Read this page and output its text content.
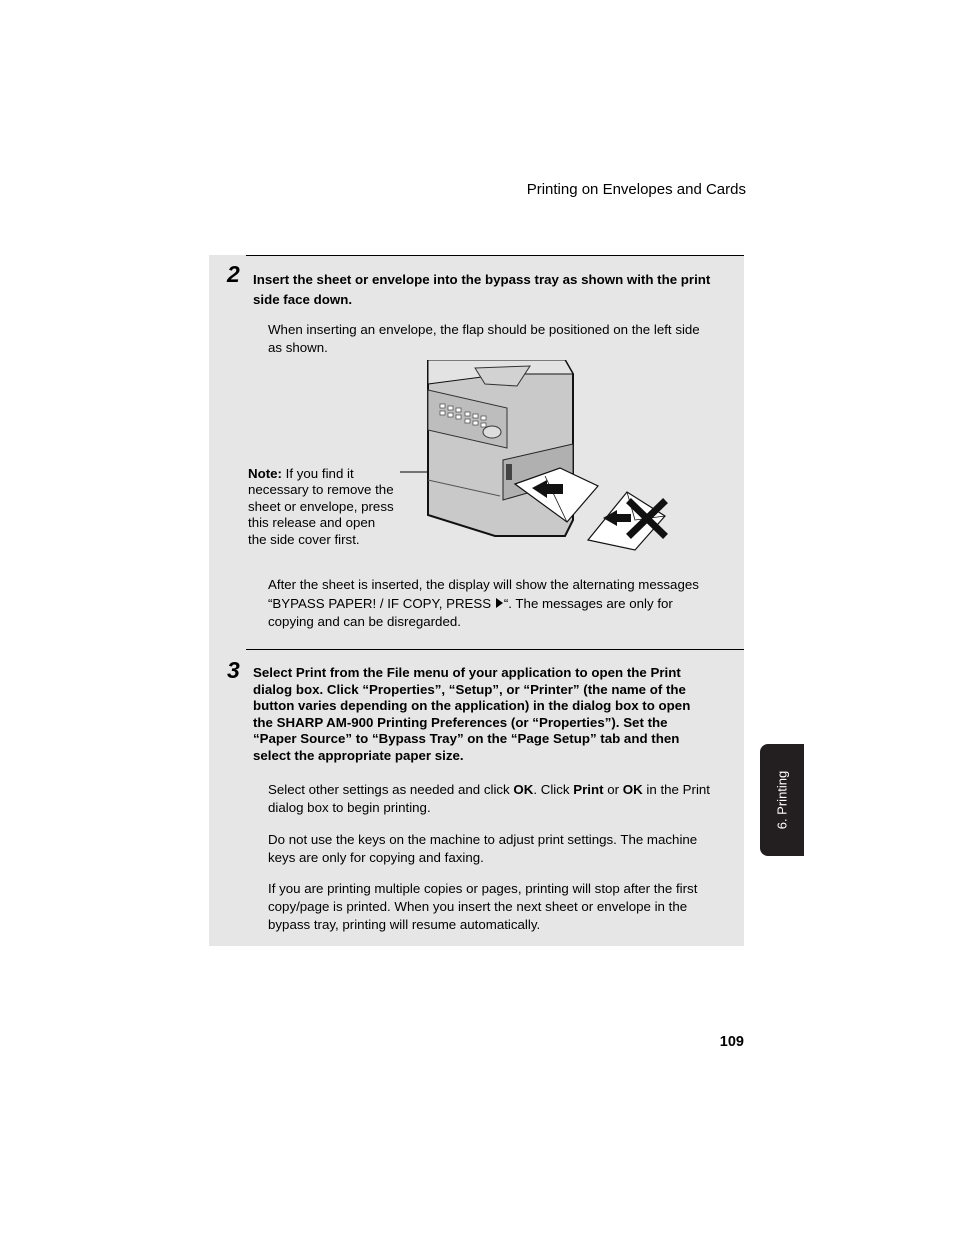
Printing on Envelopes and Cards
2 Insert the sheet or envelope into the bypass tray as shown with the print
side face down.
When inserting an envelope, the flap should be positioned on the left side
as shown.
Note: If you find it
necessary to remove the
sheet or envelope, press
this release and open
the side cover first.
After the sheet is inserted, the display will show the alternating messages
“BYPASS PAPER! / IF COPY, PRESS “. The messages are only for
copying and can be disregarded.
3 Select Print from the File menu of your application to open the Print
dialog box. Click “Properties”, “Setup”, or “Printer” (the name of the
button varies depending on the application) in the dialog box to open
the SHARP AM-900 Printing Preferences (or “Properties”). Set the
“Paper Source” to “Bypass Tray” on the “Page Setup” tab and then
select the appropriate paper size.
Select other settings as needed and click OK. Click Print or OK in the Print
dialog box to begin printing.
Do not use the keys on the machine to adjust print settings. The machine
keys are only for copying and faxing.
If you are printing multiple copies or pages, printing will stop after the first
copy/page is printed. When you insert the next sheet or envelope in the
bypass tray, printing will resume automatically.
6. Printing
109
